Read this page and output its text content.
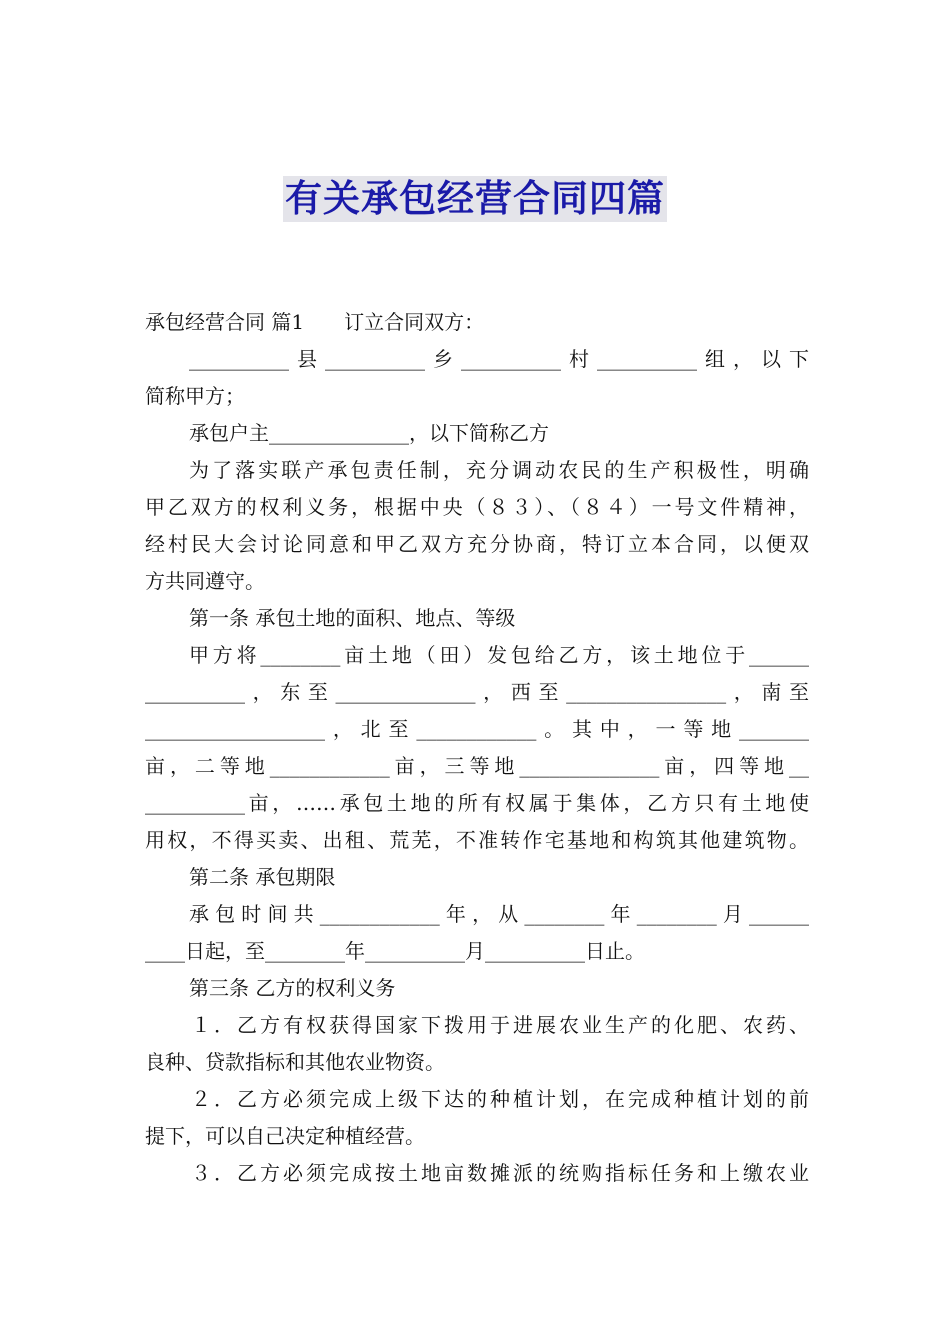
有关承包经营合同四篇
承包经营合同 篇1　　订立合同双方：
__________县__________乡__________村__________组，以下
简称甲方；
承包户主______________，以下简称乙方
为了落实联产承包责任制，充分调动农民的生产积极性，明确
甲乙双方的权利义务，根据中央（８３）、（８４）一号文件精神，
经村民大会讨论同意和甲乙双方充分协商，特订立本合同，以便双
方共同遵守。
第一条 承包土地的面积、地点、等级
甲方将________亩土地（田）发包给乙方，该土地位于______
__________，东至______________，西至________________，南至
__________________，北至____________。其中，一等地_______
亩，二等地____________亩，三等地______________亩，四等地__
__________亩，……承包土地的所有权属于集体，乙方只有土地使
用权，不得买卖、出租、荒芜，不准转作宅基地和构筑其他建筑物。
第二条 承包期限
承包时间共____________年，从________年________月______
____日起，至________年__________月__________日止。
第三条 乙方的权利义务
１．乙方有权获得国家下拨用于进展农业生产的化肥、农药、
良种、贷款指标和其他农业物资。
２．乙方必须完成上级下达的种植计划，在完成种植计划的前
提下，可以自己决定种植经营。
３．乙方必须完成按土地亩数摊派的统购指标任务和上缴农业
